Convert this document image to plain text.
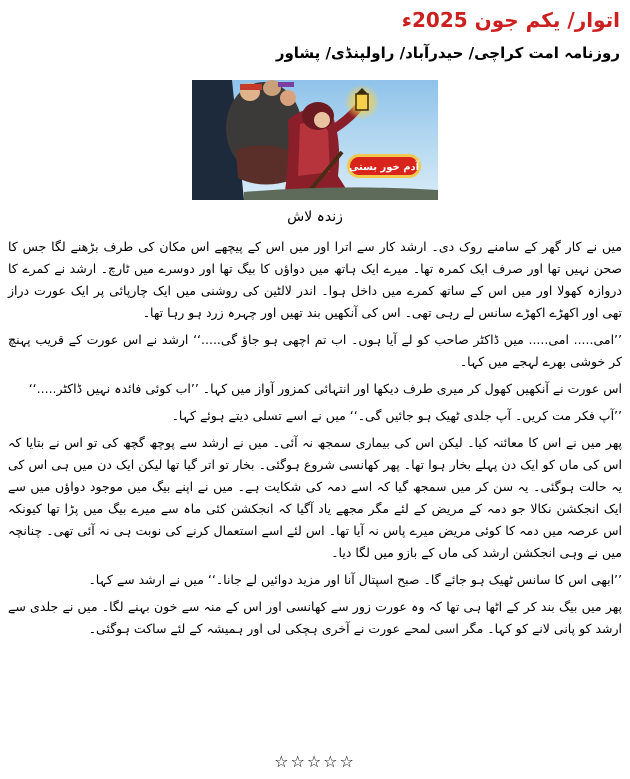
اتوار/ یکم جون 2025ء
روزنامہ امت کراچی/ حیدرآباد/ راولپنڈی/ پشاور
آدم خور بستی
زندہ لاش

میں نے کار گھر کے سامنے روک دی۔ ارشد کار سے اترا اور میں اس کے پیچھے اس مکان کی طرف بڑھنے لگا جس کا صحن نہیں تھا اور صرف ایک کمرہ تھا۔ میرے ایک ہاتھ میں دواؤں کا بیگ تھا اور دوسرے میں ٹارچ۔ ارشد نے کمرے کا دروازہ کھولا اور میں اس کے ساتھ کمرے میں داخل ہوا۔ اندر لالٹین کی روشنی میں ایک چارپائی پر ایک عورت دراز تھی اور اکھڑے اکھڑے سانس لے رہی تھی۔ اس کی آنکھیں بند تھیں اور چہرہ زرد ہو رہا تھا۔

’’امی..... امی..... میں ڈاکٹر صاحب کو لے آیا ہوں۔ اب تم اچھی ہو جاؤ گی.....‘‘ ارشد نے اس عورت کے قریب پہنچ کر خوشی بھرے لہجے میں کہا۔

اس عورت نے آنکھیں کھول کر میری طرف دیکھا اور انتہائی کمزور آواز میں کہا۔ ’’اب کوئی فائدہ نہیں ڈاکٹر.....‘‘

’’آپ فکر مت کریں۔ آپ جلدی ٹھیک ہو جائیں گی۔‘‘ میں نے اسے تسلی دیتے ہوئے کہا۔

پھر میں نے اس کا معائنہ کیا۔ لیکن اس کی بیماری سمجھ نہ آئی۔ میں نے ارشد سے پوچھ گچھ کی تو اس نے بتایا کہ اس کی ماں کو ایک دن پہلے بخار ہوا تھا۔ پھر کھانسی شروع ہوگئی۔ بخار تو اتر گیا تھا لیکن ایک دن میں ہی اس کی یہ حالت ہوگئی۔ یہ سن کر میں سمجھ گیا کہ اسے دمہ کی شکایت ہے۔ میں نے اپنے بیگ میں موجود دواؤں میں سے ایک انجکشن نکالا جو دمہ کے مریض کے لئے مگر مجھے یاد آگیا کہ انجکشن کئی ماہ سے میرے بیگ میں پڑا تھا کیونکہ اس عرصہ میں دمہ کا کوئی مریض میرے پاس نہ آیا تھا۔ اس لئے اسے استعمال کرنے کی نوبت ہی نہ آئی تھی۔ چنانچہ میں نے وہی انجکشن ارشد کی ماں کے بازو میں لگا دیا۔

’’ابھی اس کا سانس ٹھیک ہو جائے گا۔ صبح اسپتال آنا اور مزید دوائیں لے جانا۔‘‘ میں نے ارشد سے کہا۔

پھر میں بیگ بند کر کے اٹھا ہی تھا کہ وہ عورت زور سے کھانسی اور اس کے منہ سے خون بہنے لگا۔ میں نے جلدی سے ارشد کو پانی لانے کو کہا۔ مگر اسی لمحے عورت نے آخری ہچکی لی اور ہمیشہ کے لئے ساکت ہوگئی۔

☆☆☆☆☆
